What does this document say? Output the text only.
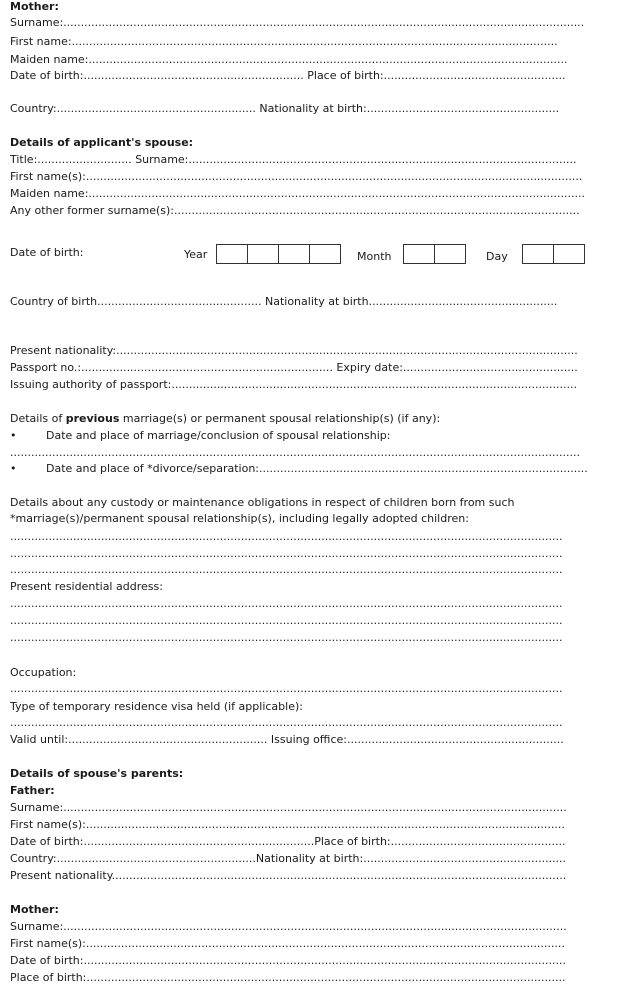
Mother:
Surname:.....................................................................................................................................................
First name:...........................................................................................................................................
Maiden name:.........................................................................................................................................
Date of birth:............................................................... Place of birth:....................................................
Country:......................................................... Nationality at birth:.......................................................
Details of applicant's spouse:
Title:........................... Surname:...............................................................................................................
First name(s):..............................................................................................................................................
Maiden name:..............................................................................................................................................
Any other former surname(s):....................................................................................................................
Date of birth:	Year	Month	Day
Country of birth............................................... Nationality at birth......................................................
Present nationality:....................................................................................................................................
Passport no.:........................................................................ Expiry date:..................................................
Issuing authority of passport:....................................................................................................................
Details of previous marriage(s) or permanent spousal relationship(s) (if any):
•	Date and place of marriage/conclusion of spousal relationship:
...................................................................................................................................................................
•	Date and place of *divorce/separation:..............................................................................................
Details about any custody or maintenance obligations in respect of children born from such
*marriage(s)/permanent spousal relationship(s), including legally adopted children:
..............................................................................................................................................................
..............................................................................................................................................................
..............................................................................................................................................................
Present residential address:
..............................................................................................................................................................
..............................................................................................................................................................
..............................................................................................................................................................
Occupation:
..............................................................................................................................................................
Type of temporary residence visa held (if applicable):
..............................................................................................................................................................
Valid until:......................................................... Issuing office:..............................................................
Details of spouse's parents:
Father:
Surname:................................................................................................................................................
First name(s):.........................................................................................................................................
Date of birth:..................................................................Place of birth:..................................................
Country:.........................................................Nationality at birth:..........................................................
Present nationality..................................................................................................................................
Mother:
Surname:................................................................................................................................................
First name(s):.........................................................................................................................................
Date of birth:..........................................................................................................................................
Place of birth:.........................................................................................................................................
